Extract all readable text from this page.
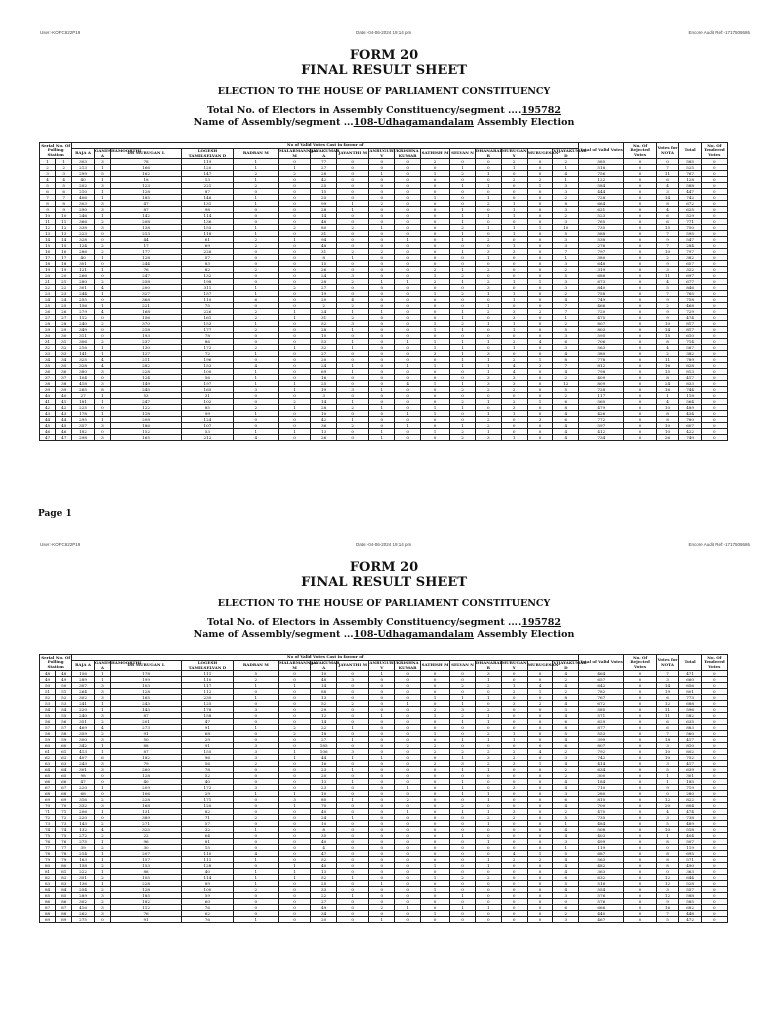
User:-KOFC622P19	Date:-04-06-2024 19:14 pm	Encore Audit Ref:-1717508686
FORM 20
FINAL RESULT SHEET
ELECTION TO THE HOUSE OF PARLIAMENT CONSTITUENCY
Total No. of Electors in Assembly Constituency/segment ....195782
Name of Assembly/segment ...108-Udhagamandalam Assembly Election
Serial No. Of Polling Station		No of Valid Votes Cast in favour of																Total of Valid Votes	No. Of Rejected Votes	Votes for NOTA	Total	No. Of Tendered Votes
		RAJA A	GANESHAMOORTHI A	DR MURUGAN L	LOGESH TAMILSELVAN D	BADRAN M	MALARMANNAN M	JAYAKUMAR A	JAYANTHI M	ANBUGURU V	KRISHNA KUMAR	SATHISH M	SELVAN N	DHANABAL R	MURUGAN Y	MURUGESAN	VIJAYAKUMAR D					
1	1	303	3	78	119	1	0	77	0	0	0	2	0	0	2	0	2	585	0	0	585	0
2	2	213	1	166	120	1	1	27	0	0	0	0	1	0	1	0	1	518	0	7	525	0
3	3	299	5	162	147	2	2	28	0	1	0	1	2	1	0	0	4	756	0	11	767	0
4	4	40	1	18	13	1	0	42	0	0	0	0	0	0	2	2	1	122	0	6	128	0
5	5	202	3	123	221	2	0	25	0	0	0	0	1	1	0	1	3	584	0	4	588	0
6	6	210	1	128	87	0	0	15	0	0	0	0	0	0	0	0	3	444	0	3	447	0
7	7	406	1	185	146	1	0	25	0	0	0	1	0	1	0	0	2	728	0	14	742	0
8	8	303	3	47	131	1	0	99	1	2	0	0	0	2	1	0	8	664	0	8	672	0
9	9	290	3	87	98	0	0	28	1	0	0	0	1	0	1	0	3	621	0	4	625	0
10	10	246	1	142	114	0	0	14	0	0	0	0	1	1	1	0	2	523	0	6	529	0
11	11	366	2	208	136	0	0	48	0	0	0	0	1	0	0	0	3	765	0	6	771	0
12	12	338	3	138	155	1	2	80	2	1	0	0	2	1	1	1	10	735	0	15	750	0
13	13	223	0	213	118	1	0	31	0	0	0	0	1	0	1	0	5	588	0	7	595	0
14	14	328	0	44	61	2	1	94	0	0	1	0	1	2	0	0	3	538	0	9	547	0
15	15	124	2	17	69	2	0	48	0	0	0	0	0	0	1	0	3	276	0	7	284	0
16	16	286	2	177	226	0	0	31	2	2	0	0	1	3	3	0	7	797	0	10	797	0
17	17	40	1	128	57	0	0	8	1	0	0	0	0	1	0	0	1	380	0	2	382	0
18	18	301	0	244	83	0	0	15	0	0	0	0	0	0	0	0	3	648	0	9	657	0
19	19	121	1	76	82	2	0	26	0	0	0	2	1	2	0	0	2	319	0	3	322	0
20	20	266	0	247	132	0	0	24	3	0	0	1	2	0	0	0	5	686	0	11	697	0
21	21	280	2	258	198	0	0	28	2	1	1	2	1	2	1	1	3	673	0	4	677	0
22	22	301	4	200	311	1	2	27	0	0	0	0	0	3	0	0	3	840	0	5	846	0
23	23	244	1	327	157	1	0	19	0	0	0	1	2	1	1	0	2	758	0	7	765	0
24	24	255	0	368	110	6	0	20	4	0	0	0	0	0	1	0	4	749	0	9	758	0
25	25	156	1	221	75	0	0	2	2	0	0	0	0	1	0	0	7	466	0	2	468	0
26	26	279	4	168	226	2	1	24	1	1	0	0	1	2	3	2	7	720	0	9	729	0
27	27	112	0	156	161	2	1	31	2	0	0	0	1	0	3	0	1	475	0	9	474	0
28	28	240	2	370	153	1	0	52	3	0	0	1	2	1	1	0	2	807	0	10	817	0
29	29	349	0	218	177	2	0	28	1	0	0	1	1	0	1	0	5	803	0	14	817	0
30	30	311	0	193	78	0	0	10	0	0	0	0	0	0	0	0	3	595	0	15	610	0
31	31	306	2	237	86	0	0	53	1	0	1	1	1	1	2	4	6	706	0	8	714	0
32	32	216	1	130	172	2	1	32	1	0	0	1	1	0	1	0	3	563	0	4	567	0
33	33	141	1	127	72	1	0	27	0	0	0	3	1	3	0	0	4	380	0	2	382	0
34	34	325	4	211	196	0	0	20	0	0	0	0	1	1	2	1	8	778	0	11	789	0
35	35	328	4	282	153	4	0	24	1	0	1	1	1	1	4	3	7	812	0	16	828	0
36	36	380	3	228	100	1	0	69	1	0	0	0	0	1	4	0	4	798	0	15	813	0
37	37	104	0	124	56	1	0	16	0	0	0	0	0	3	3	0	2	409	0	8	417	0
38	38	418	3	149	197	1	1	25	0	0	4	1	1	3	3	0	12	809	0	24	833	0
39	39	265	8	245	165	3	1	19	3	1	0	0	2	2	2	0	5	728	0	16	744	0
40	40	27	1	53	31	0	0	3	0	0	0	0	0	0	0	0	2	117	0	1	118	0
41	41	181	1	247	102	0	2	14	1	0	0	0	2	1	2	1	6	560	0	4	564	0
42	42	225	0	122	85	2	1	28	2	1	0	1	1	0	3	0	8	479	0	10	489	0
43	43	178	1	118	99	1	0	10	0	0	1	1	0	1	1	0	4	426	0	8	434	0
44	44	295	1	208	124	0	0	42	1	0	0	0	0	2	0	3	6	772	0	8	780	0
45	45	357	3	186	107	0	0	36	2	0	1	0	1	2	0	0	4	597	0	10	607	0
46	46	182	0	152	53	1	1	13	0	1	0	1	2	1	0	0	4	412	0	10	422	0
47	47	298	3	165	212	4	0	26	0	1	0	0	2	3	1	0	4	734	0	26	749	0
Page 1
User:-KOFC622P19	Date:-04-06-2024 19:14 pm	Encore Audit Ref:-1717508686
FORM 20
FINAL RESULT SHEET
ELECTION TO THE HOUSE OF PARLIAMENT CONSTITUENCY
Total No. of Electors in Assembly Constituency/segment ....195782
Name of Assembly/segment ...108-Udhagamandalam Assembly Election
Serial No. Of Polling Station		No of Valid Votes Cast in favour of																Total of Valid Votes	No. Of Rejected Votes	Votes for NOTA	Total	No. Of Tendered Votes
		RAJA A	GANESHAMOORTHI A	DR MURUGAN L	LOGESH TAMILSELVAN D	BADRAN M	MALARMANNAN M	JAYAKUMAR A	JAYANTHI M	ANBUGURU V	KRISHNA KUMAR	SATHISH M	SELVAN N	DHANABAL R	MURUGAN Y	MURUGESAN	VIJAYAKUMAR D					
48	48	156	1	178	111	5	0	10	0	1	0	0	0	3	0	0	4	464	0	7	471	0
49	49	289	1	199	110	2	0	48	3	0	0	0	0	1	0	0	2	657	0	3	660	0
50	50	307	3	103	117	1	1	14	0	0	0	0	2	2	1	4	4	642	0	14	656	0
51	51	264	3	128	112	0	0	88	0	0	0	0	0	0	2	1	2	782	0	19	801	0
52	52	302	3	165	230	1	0	13	0	0	0	1	1	1	0	0	8	767	0	6	773	0
53	53	241	1	243	125	0	0	52	2	0	1	0	1	0	3	2	4	672	0	12	688	0
54	54	220	1	143	178	3	0	29	0	0	0	2	3	2	0	0	3	585	0	11	596	0
55	55	240	3	87	158	0	0	12	0	1	0	1	2	1	0	0	4	571	0	11	582	0
56	56	351	2	201	47	0	0	14	0	0	0	0	1	1	0	0	6	629	0	6	635	0
57	57	469	4	273	91	1	2	22	1	0	0	0	0	0	0	0	8	877	0	6	883	0
58	58	359	2	91	68	0	2	18	0	0	0	1	0	2	1	0	5	553	0	7	560	0
59	59	300	3	50	29	0	0	27	1	0	0	0	1	1	1	0	4	399	0	18	417	0
60	60	342	1	88	91	3	0	185	0	0	2	2	0	0	0	0	6	807	0	3	810	0
61	61	413	1	87	155	3	1	106	3	0	0	2	2	2	2	4	2	792	0	10	802	0
62	62	407	6	182	96	3	1	44	1	1	0	0	1	3	2	0	3	742	0	10	752	0
63	63	243	3	79	56	2	0	16	0	0	0	2	3	2	3	1	4	414	0	3	417	0
64	64	301	3	260	78	0	0	23	1	0	0	0	1	1	0	0	2	634	0	5	639	0
65	65	98	0	128	52	0	0	20	0	0	0	0	0	0	0	0	2	300	0	1	301	0
66	66	47	0	40	40	0	0	13	1	0	0	0	1	0	0	0	4	184	0	1	185	0
67	67	220	1	209	172	3	0	23	0	0	1	0	1	0	3	0	4	710	0	9	719	0
68	68	68	0	106	29	1	1	10	0	0	0	0	1	1	0	0	3	280	0	0	280	0
69	69	316	2	228	171	0	3	80	1	0	2	0	0	1	0	0	6	810	0	12	822	0
70	70	332	3	168	120	0	1	70	0	0	0	0	2	0	0	0	4	700	0	20	604	0
71	71	206	1	131	82	0	0	40	0	0	1	0	1	1	3	0	2	470	0	4	474	0
72	72	220	0	389	71	2	0	24	1	0	0	0	0	2	2	0	5	735	0	3	738	0
73	73	143	2	271	57	0	0	10	0	0	0	0	0	1	0	0	1	484	0	5	489	0
74	74	132	4	325	32	1	0	8	0	0	0	0	0	0	0	0	4	508	0	10	518	0
75	75	272	2	22	64	0	0	35	0	0	0	0	1	0	0	0	4	403	0	1	404	0
76	76	275	1	96	81	0	0	40	0	0	0	0	0	1	0	0	3	499	0	8	507	0
77	77	39	2	30	15	0	0	4	0	0	0	0	0	0	0	0	1	119	0	0	119	0
78	78	214	1	207	110	4	0	47	0	0	0	0	0	0	4	1	5	687	0	8	695	0
79	79	163	1	157	111	1	0	52	0	0	0	0	0	1	2	2	4	563	0	8	571	0
80	80	158	2	153	128	0	1	40	0	0	0	1	0	1	0	0	4	482	0	8	490	0
81	81	222	1	88	40	1	1	13	0	0	0	0	0	0	0	0	4	363	0	0	363	0
82	82	351	2	105	114	1	1	52	1	0	0	1	2	2	0	0	6	632	0	12	644	0
83	83	136	1	228	89	1	0	25	0	1	0	0	0	0	0	0	5	516	0	12	528	0
84	84	254	2	128	100	2	0	33	0	0	0	1	0	0	0	0	4	554	0	3	557	0
85	85	289	3	185	59	0	0	22	1	0	0	0	1	0	0	0	3	576	0	12	588	0
86	86	302	2	182	60	0	0	27	0	0	0	0	0	0	0	0	0	576	0	9	585	0
87	87	416	3	112	76	0	0	49	0	2	1	0	1	1	0	0	6	666	0	16	682	0
88	88	262	3	76	62	0	0	34	0	0	0	1	0	0	0	0	2	440	0	7	448	0
89	89	275	0	91	76	1	0	20	0	1	0	0	0	0	0	0	3	467	0	5	472	0
